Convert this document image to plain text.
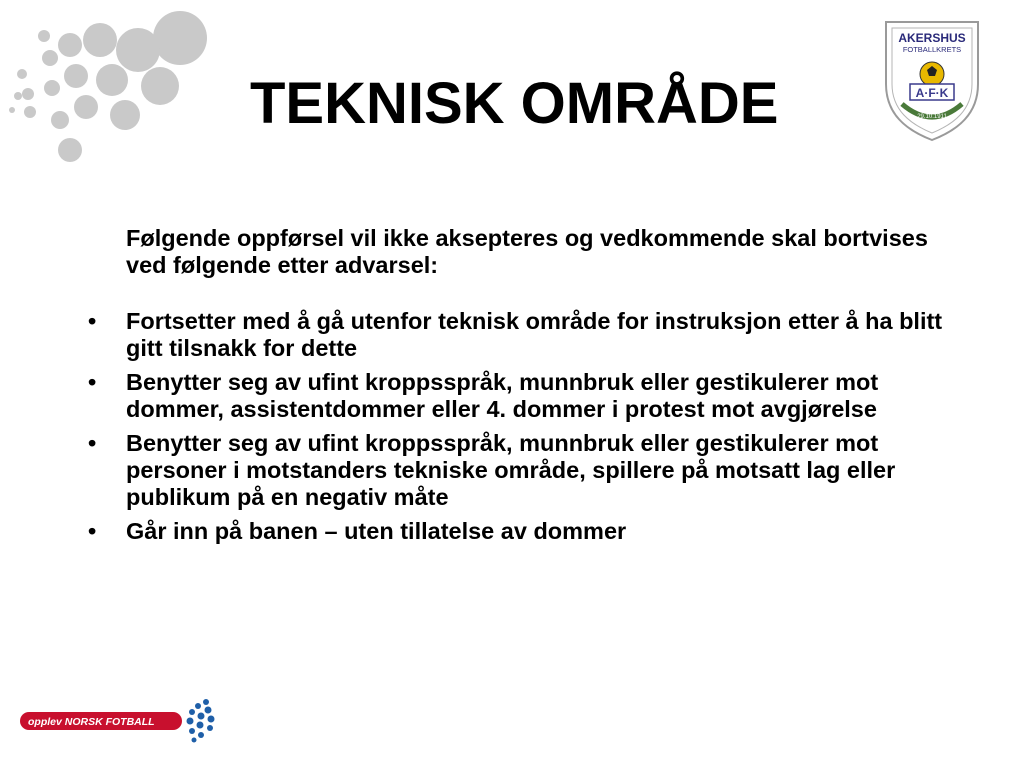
TEKNISK OMRÅDE
AKERSHUS
FOTBALLKRETS
A·F·K
29.10.1911

Følgende oppførsel vil ikke aksepteres og vedkommende skal bortvises ved følgende etter advarsel:

•	Fortsetter med å gå utenfor teknisk område for instruksjon etter å ha blitt gitt tilsnakk for dette
•	Benytter seg av ufint kroppsspråk, munnbruk eller gestikulerer mot dommer, assistentdommer eller 4. dommer i protest mot avgjørelse
•	Benytter seg av ufint kroppsspråk, munnbruk eller gestikulerer mot personer i motstanders tekniske område, spillere på motsatt lag eller publikum på en negativ måte
•	Går inn på banen – uten tillatelse av dommer
opplev NORSK FOTBALL
